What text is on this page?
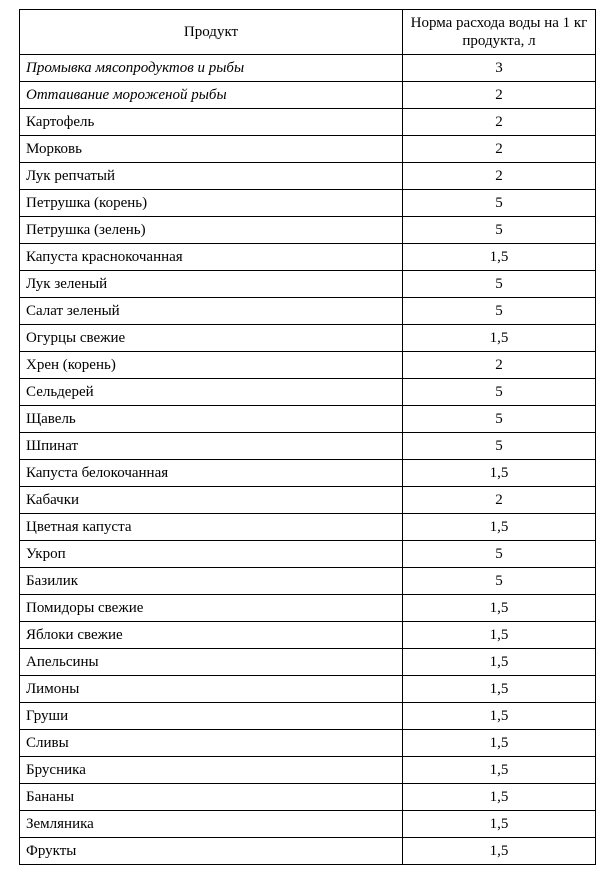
Продукт	Норма расхода воды на 1 кг продукта, л
Промывка мясопродуктов и рыбы	3
Оттаивание мороженой рыбы	2
Картофель	2
Морковь	2
Лук репчатый	2
Петрушка (корень)	5
Петрушка (зелень)	5
Капуста краснокочанная	1,5
Лук зеленый	5
Салат зеленый	5
Огурцы свежие	1,5
Хрен (корень)	2
Сельдерей	5
Щавель	5
Шпинат	5
Капуста белокочанная	1,5
Кабачки	2
Цветная капуста	1,5
Укроп	5
Базилик	5
Помидоры свежие	1,5
Яблоки свежие	1,5
Апельсины	1,5
Лимоны	1,5
Груши	1,5
Сливы	1,5
Брусника	1,5
Бананы	1,5
Земляника	1,5
Фрукты	1,5
